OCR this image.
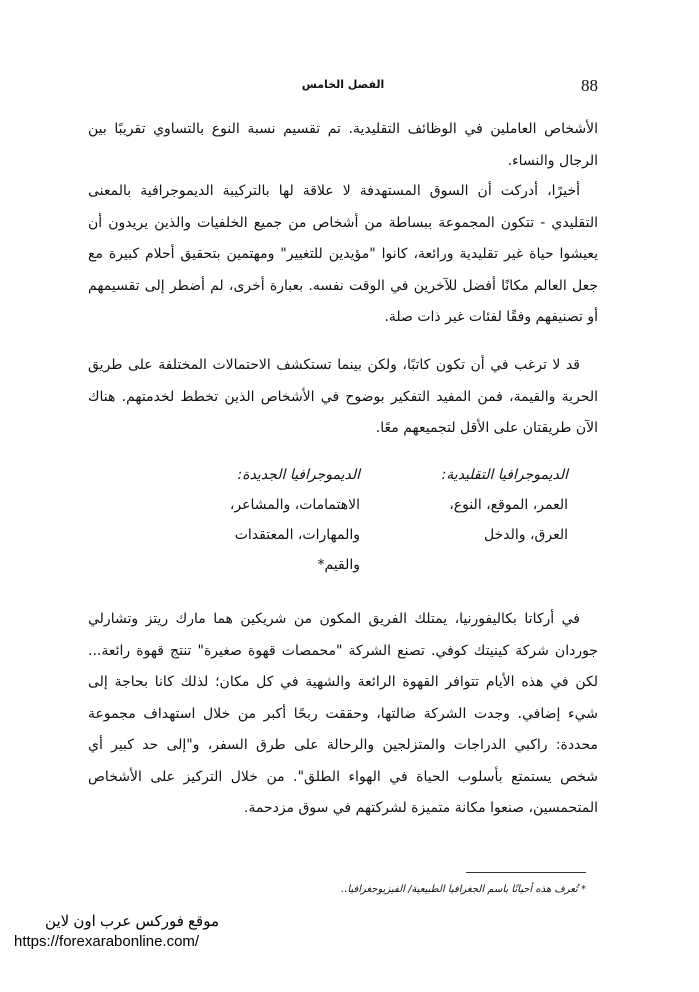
88
الفصل الخامس

الأشخاص العاملين في الوظائف التقليدية. تم تقسيم نسبة النوع بالتساوي تقريبًا بين الرجال والنساء.

أخيرًا، أدركت أن السوق المستهدفة لا علاقة لها بالتركيبة الديموجرافية بالمعنى التقليدي - تتكون المجموعة ببساطة من أشخاص من جميع الخلفيات والذين يريدون أن يعيشوا حياة غير تقليدية ورائعة، كانوا "مؤيدين للتغيير" ومهتمين بتحقيق أحلام كبيرة مع جعل العالم مكانًا أفضل للآخرين في الوقت نفسه. بعبارة أخرى، لم أضطر إلى تقسيمهم أو تصنيفهم وفقًا لفئات غير ذات صلة.

قد لا ترغب في أن تكون كاتبًا، ولكن بينما تستكشف الاحتمالات المختلفة على طريق الحرية والقيمة، فمن المفيد التفكير بوضوح في الأشخاص الذين تخطط لخدمتهم. هناك الآن طريقتان على الأقل لتجميعهم معًا.

الديموجرافيا التقليدية:
العمر، الموقع، النوع،
العرق، والدخل
الديموجرافيا الجديدة:
الاهتمامات، والمشاعر،
والمهارات، المعتقدات
والقيم*

في أركاتا بكاليفورنيا، يمتلك الفريق المكون من شريكين هما مارك ريتز وتشارلي جوردان شركة كينيتك كوفي. تصنع الشركة "محمصات قهوة صغيرة" تنتج قهوة رائعة... لكن في هذه الأيام تتوافر القهوة الرائعة والشهية في كل مكان؛ لذلك كانا بحاجة إلى شيء إضافي. وجدت الشركة ضالتها، وحققت ربحًا أكبر من خلال استهداف مجموعة محددة: راكبي الدراجات والمتزلجين والرحالة على طرق السفر، و"إلى حد كبير أي شخص يستمتع بأسلوب الحياة في الهواء الطلق". من خلال التركيز على الأشخاص المتحمسين، صنعوا مكانة متميزة لشركتهم في سوق مزدحمة.

* تُعرف هذه أحيانًا باسم الجغرافيا الطبيعية/ الفيزيوجغرافيا..
موقع فوركس عرب اون لاين
https://forexarabonline.com/
